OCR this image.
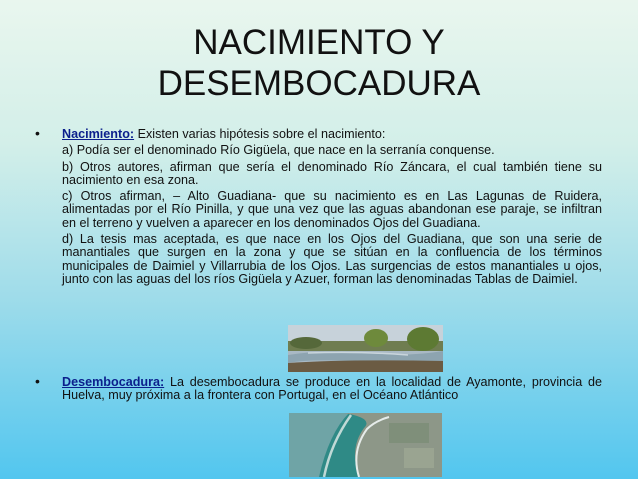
NACIMIENTO Y
DESEMBOCADURA
• Nacimiento: Existen varias hipótesis sobre el nacimiento:

a) Podía ser el denominado Río Gigüela, que nace en la serranía conquense.

b) Otros autores, afirman que sería el denominado Río Záncara, el cual también tiene su nacimiento en esa zona.

c) Otros afirman, – Alto Guadiana- que su nacimiento es en Las Lagunas de Ruidera, alimentadas por el Río Pinilla, y que una vez que las aguas abandonan ese paraje, se infiltran en el terreno y vuelven a aparecer en los denominados Ojos del Guadiana.

d) La tesis mas aceptada, es que nace en los Ojos del Guadiana, que son una serie de manantiales que surgen en la zona y que se sitúan en la confluencia de los términos municipales de Daimiel y Villarrubia de los Ojos. Las surgencias de estos manantiales u ojos, junto con las aguas del los ríos Gigüela y Azuer, forman las denominadas Tablas de Daimiel.

• Desembocadura: La desembocadura se produce en la localidad de Ayamonte, provincia de Huelva, muy próxima a la frontera con Portugal, en el Océano Atlántico
